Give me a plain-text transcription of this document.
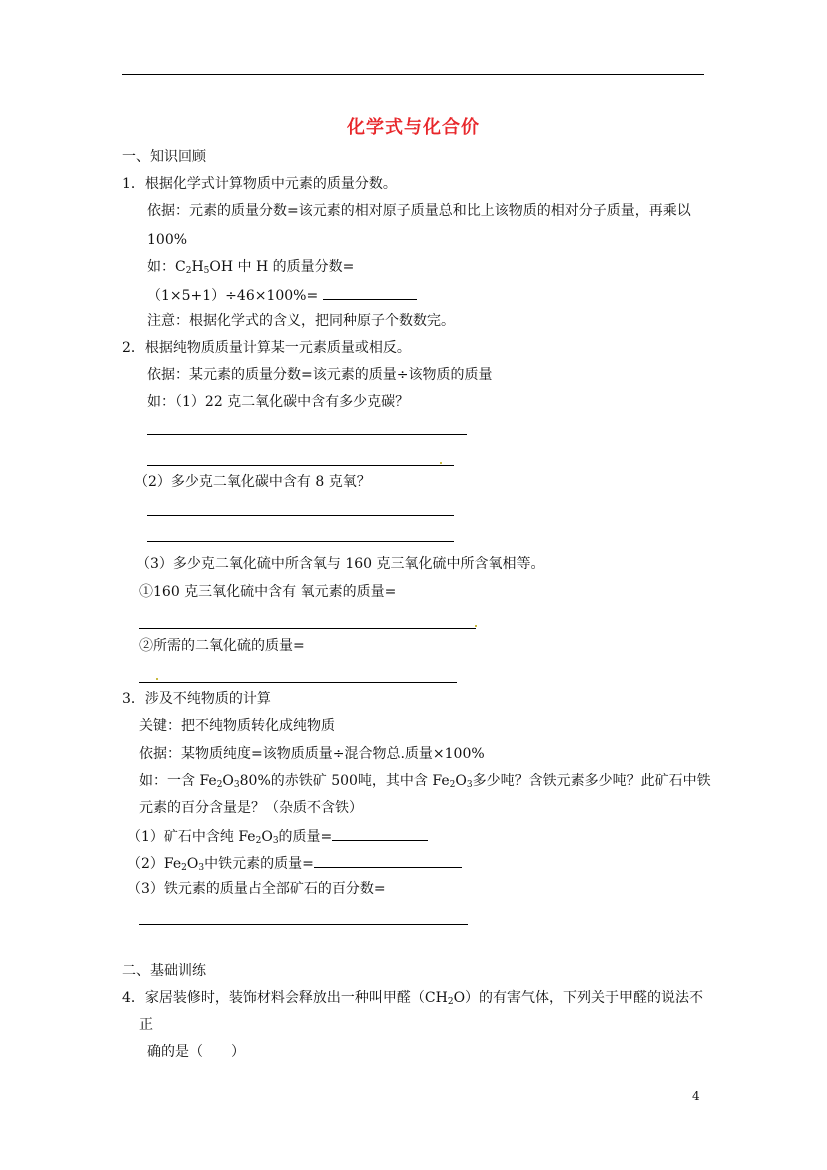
化学式与化合价
一、知识回顾
1．根据化学式计算物质中元素的质量分数。
依据：元素的质量分数=该元素的相对原子质量总和比上该物质的相对分子质量，再乘以
100%
如：$C_2H_5OH$ 中 H 的质量分数=
（1×5+1）÷46×100%=
注意：根据化学式的含义，把同种原子个数数完。
2．根据纯物质质量计算某一元素质量或相反。
依据：某元素的质量分数=该元素的质量÷该物质的质量
如：（1）22 克二氧化碳中含有多少克碳？
（2）多少克二氧化碳中含有 8 克氧？
（3）多少克二氧化硫中所含氧与 160 克三氧化硫中所含氧相等。
①160 克三氧化硫中含有 氧元素的质量=
②所需的二氧化硫的质量=
3．涉及不纯物质的计算
关键：把不纯物质转化成纯物质
依据：某物质纯度=该物质质量÷混合物总.质量×100%
如：一含 $Fe_2O_380\%$的赤铁矿 500吨，其中含 $Fe_2O_3$多少吨？含铁元素多少吨？此矿石中铁
元素的百分含量是？（杂质不含铁）
（1）矿石中含纯 $Fe_2O_3$的质量=
$(2)Fe_2O_3$中铁元素的质量=
（3）铁元素的质量占全部矿石的百分数=
二、基础训练
4．家居装修时，装饰材料会释放出一种叫甲醛$(CH_2O)$的有害气体，下列关于甲醛的说法不
正
确的是（　　）
4
